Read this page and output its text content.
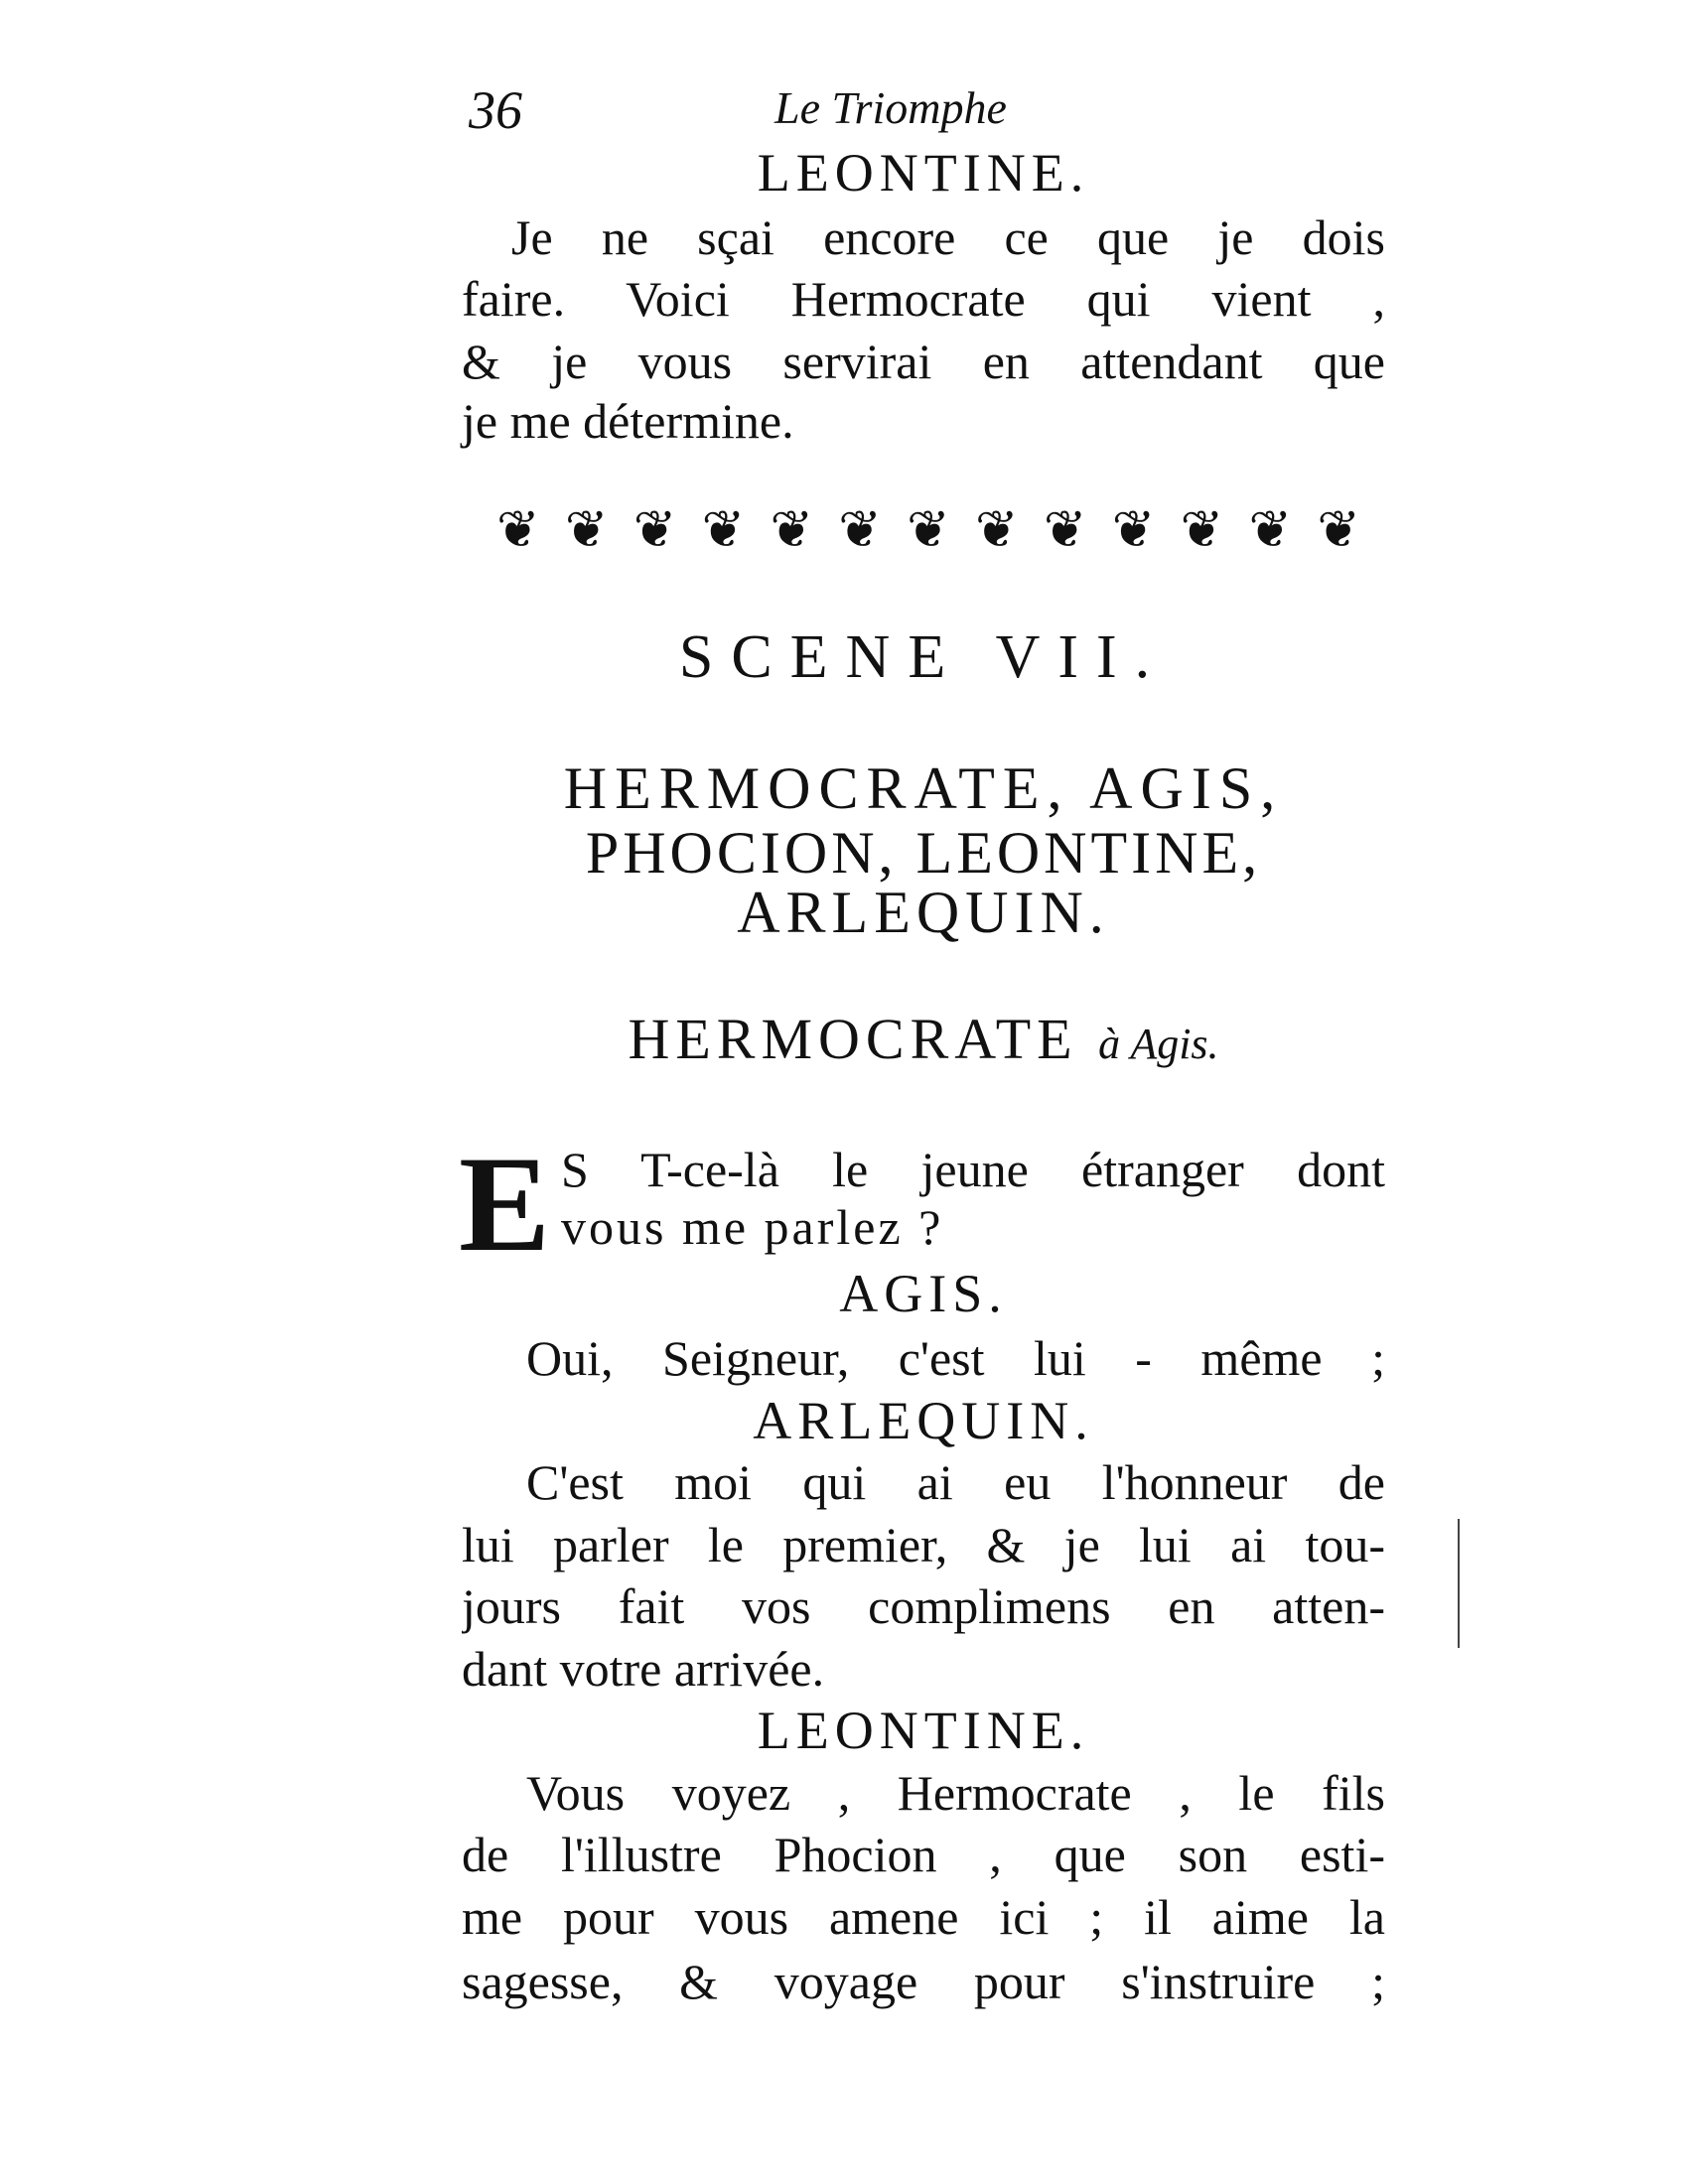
36	Le Triomphe
LEONTINE.
Je ne sçai encore ce que je dois
faire. Voici Hermocrate qui vient ,
& je vous servirai en attendant que
je me détermine.
❦ ❦ ❦ ❦ ❦ ❦ ❦ ❦ ❦ ❦ ❦ ❦ ❦
SCENE VII.
HERMOCRATE, AGIS,
PHOCION, LEONTINE,
ARLEQUIN.
HERMOCRATE à Agis.
E S T-ce-là le jeune étranger dont
vous me parlez ?
AGIS.
Oui, Seigneur, c'est lui - même ;
ARLEQUIN.
C'est moi qui ai eu l'honneur de
lui parler le premier, & je lui ai tou-
jours fait vos complimens en atten-
dant votre arrivée.
LEONTINE.
Vous voyez , Hermocrate , le fils
de l'illustre Phocion , que son esti-
me pour vous amene ici ; il aime la
sagesse, & voyage pour s'instruire ;
